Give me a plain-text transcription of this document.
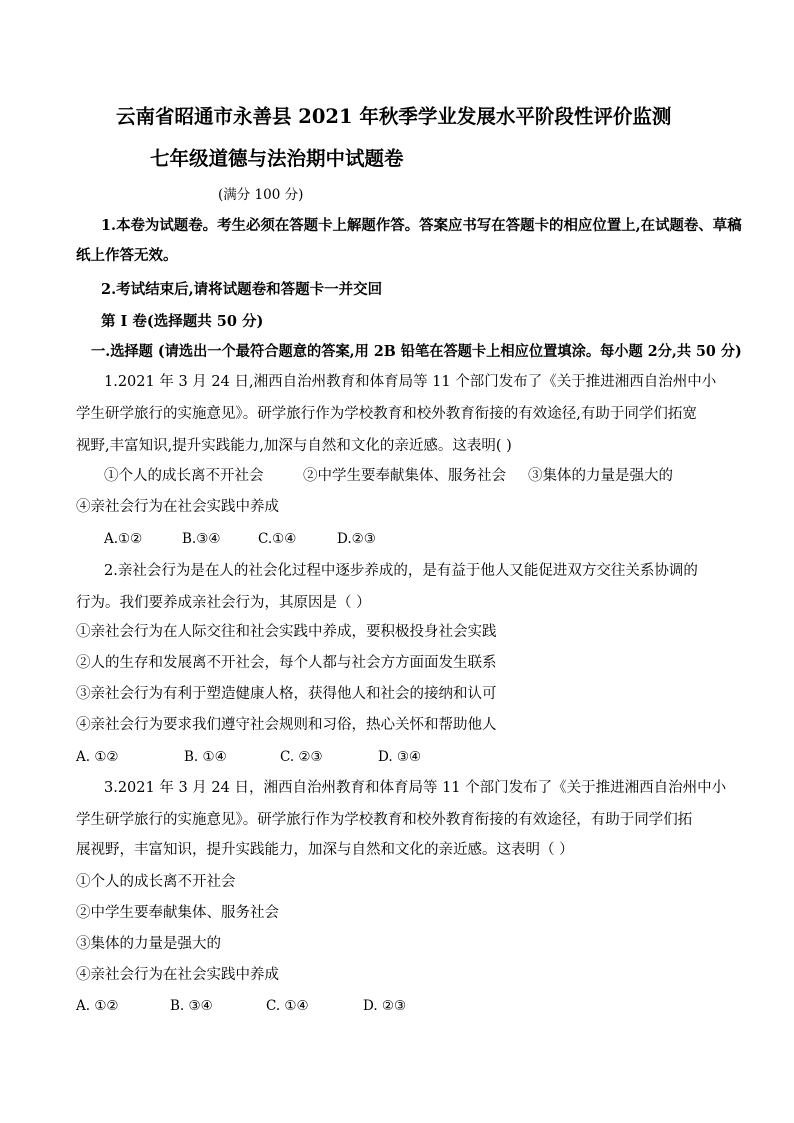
云南省昭通市永善县 2021 年秋季学业发展水平阶段性评价监测
七年级道德与法治期中试题卷
(满分 100 分)
1.本卷为试题卷。考生必须在答题卡上解题作答。答案应书写在答题卡的相应位置上,在试题卷、草稿
纸上作答无效。
2.考试结束后,请将试题卷和答题卡一并交回
第 I 卷(选择题共 50 分)
一.选择题 (请选出一个最符合题意的答案,用 2B 铅笔在答题卡上相应位置填涂。每小题 2分,共 50 分)
1.2021 年 3 月 24 日,湘西自治州教育和体育局等 11 个部门发布了《关于推进湘西自治州中小
学生研学旅行的实施意见》。研学旅行作为学校教育和校外教育衔接的有效途径,有助于同学们拓宽
视野,丰富知识,提升实践能力,加深与自然和文化的亲近感。这表明( )
①个人的成长离不开社会	②中学生要奉献集体、服务社会 ③集体的力量是强大的
④亲社会行为在社会实践中养成
A.①②	B.③④	C.①④	D.②③
2.亲社会行为是在人的社会化过程中逐步养成的，是有益于他人又能促进双方交往关系协调的
行为。我们要养成亲社会行为，其原因是（ ）
①亲社会行为在人际交往和社会实践中养成，要积极投身社会实践
②人的生存和发展离不开社会，每个人都与社会方方面面发生联系
③亲社会行为有利于塑造健康人格，获得他人和社会的接纳和认可
④亲社会行为要求我们遵守社会规则和习俗，热心关怀和帮助他人
A. ①②	B. ①④	C. ②③	D. ③④
3.2021 年 3 月 24 日，湘西自治州教育和体育局等 11 个部门发布了《关于推进湘西自治州中小
学生研学旅行的实施意见》。研学旅行作为学校教育和校外教育衔接的有效途径，有助于同学们拓
展视野，丰富知识，提升实践能力，加深与自然和文化的亲近感。这表明（ ）
①个人的成长离不开社会
②中学生要奉献集体、服务社会
③集体的力量是强大的
④亲社会行为在社会实践中养成
A. ①②	B. ③④	C. ①④	D. ②③
